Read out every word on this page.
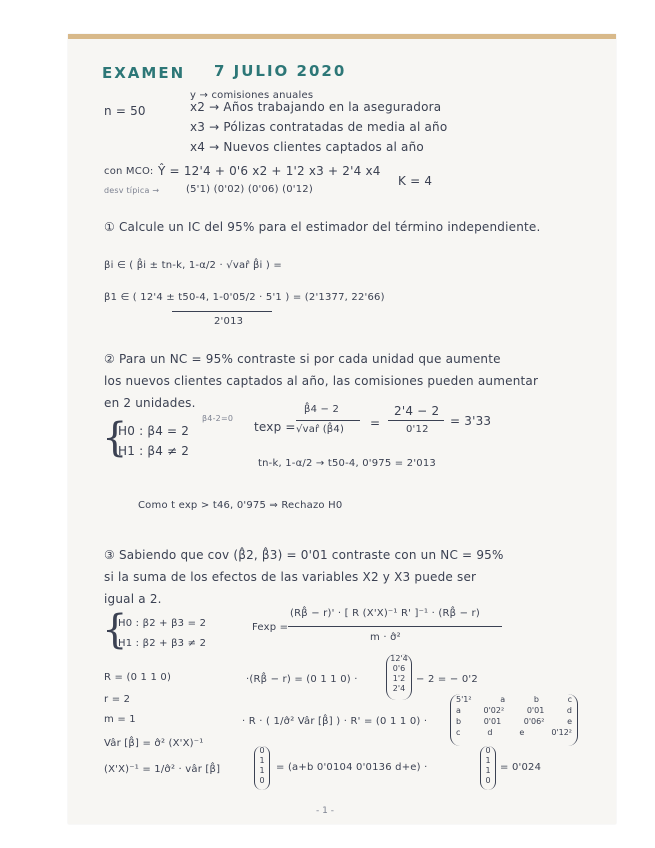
EXAMEN 7 JULIO 2020
y → comisiones anuales
n = 50	x2 → Años trabajando en la aseguradora
x3 → Pólizas contratadas de media al año
x4 → Nuevos clientes captados al año
con MCO: Ŷ = 12'4 + 0'6 x2 + 1'2 x3 + 2'4 x4
desv típica →	(5'1) (0'02) (0'06) (0'12)
K = 4
① Calcule un IC del 95% para el estimador del término independiente.
βi ∈ ( β̂i ± tn-k, 1-α/2 · √var̂ β̂i ) =
β1 ∈ ( 12'4 ± t50-4, 1-0'05/2 · 5'1 ) = (2'1377, 22'66)
2'013
② Para un NC = 95% contraste si por cada unidad que aumente
los nuevos clientes captados al año, las comisiones pueden aumentar
en 2 unidades.
{
H0 : β4 = 2
H1 : β4 ≠ 2
β4-2=0
texp =
β̂4 − 2
√var̂ (β̂4) =
2'4 − 2
0'12
= 3'33
tn-k, 1-α/2 → t50-4, 0'975 = 2'013
Como t exp > t46, 0'975 ⇒ Rechazo H0
③ Sabiendo que cov (β̂2, β̂3) = 0'01 contraste con un NC = 95%
si la suma de los efectos de las variables X2 y X3 puede ser
igual a 2.
{
H0 : β2 + β3 = 2
H1 : β2 + β3 ≠ 2
Fexp =
(Rβ̂ − r)' · [ R (X'X)⁻¹ R' ]⁻¹ · (Rβ̂ − r)
m · σ̂²
R = (0 1 1 0)
r = 2
m = 1
Vâr [β̂] = σ̂² (X'X)⁻¹
(X'X)⁻¹ = 1/σ̂² · vâr [β̂]
·(Rβ̂ − r) = (0 1 1 0) ·
12'4
0'6
1'2
2'4
− 2 = − 0'2
· R · ( 1/σ̂² Vâr [β̂] ) · R' = (0 1 1 0) ·
5'1²	a	b	c
a	0'02²	0'01	d
b	0'01	0'06²	e
c	d	e	0'12²
0
1
1
0
= (a+b 0'0104 0'0136 d+e) ·
0
1
1
0
= 0'024
- 1 -
